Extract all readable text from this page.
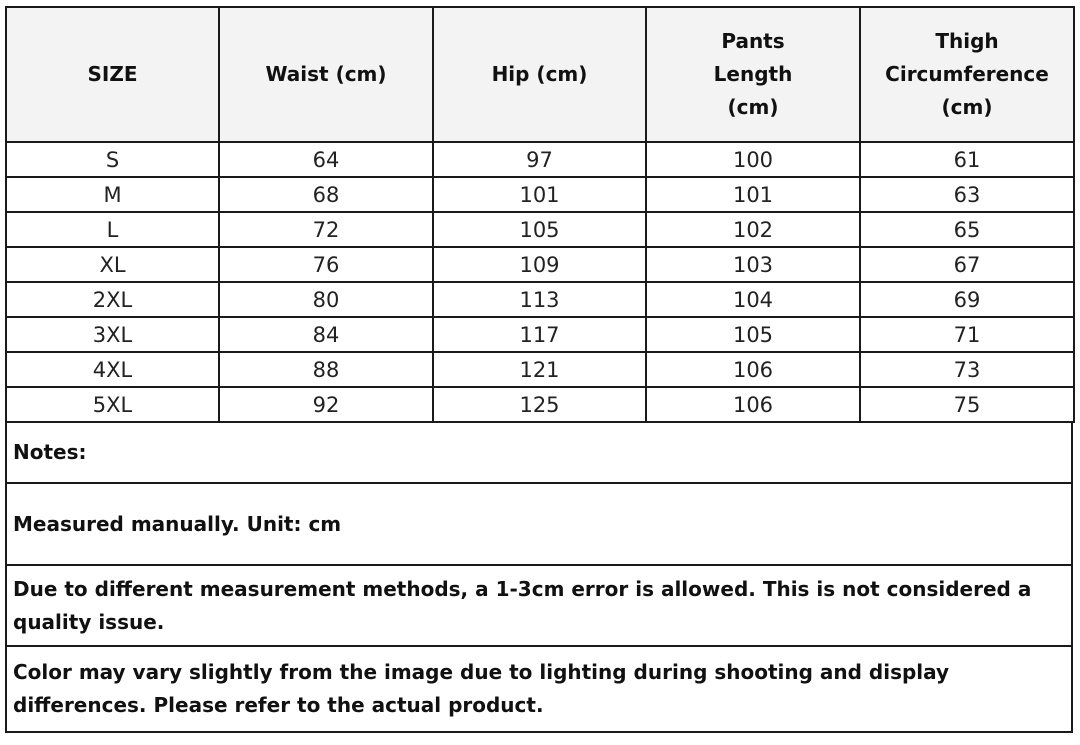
SIZE	Waist (cm)	Hip (cm)	Pants Length (cm)	Thigh Circumference (cm)
S	64	97	100	61
M	68	101	101	63
L	72	105	102	65
XL	76	109	103	67
2XL	80	113	104	69
3XL	84	117	105	71
4XL	88	121	106	73
5XL	92	125	106	75
Notes:
Measured manually. Unit: cm
Due to different measurement methods, a 1-3cm error is allowed. This is not considered a quality issue.
Color may vary slightly from the image due to lighting during shooting and display differences. Please refer to the actual product.
